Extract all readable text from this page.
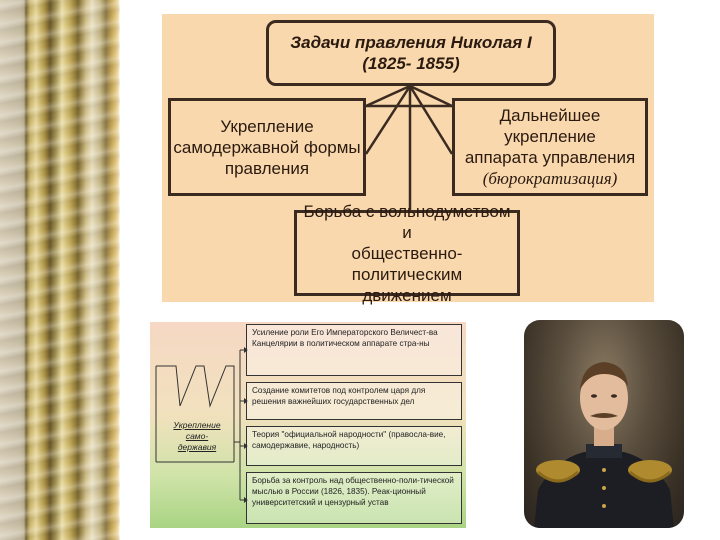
Задачи правления Николая I
(1825- 1855)
Укрепление
самодержавной формы
правления
Дальнейшее укрепление
аппарата управления
(бюрократизация)
Борьба с вольнодумством и
общественно-политическим
движением
Укрепление
само-
державия
Усиление роли Его Императорского Величест-ва Канцелярии в политическом аппарате стра-ны
Создание комитетов под контролем царя для решения важнейших государственных дел
Теория "официальной народности" (правосла-вие, самодержавие, народность)
Борьба за контроль над общественно-поли-тической мыслью в России (1826, 1835). Реак-ционный университетский и цензурный устав
